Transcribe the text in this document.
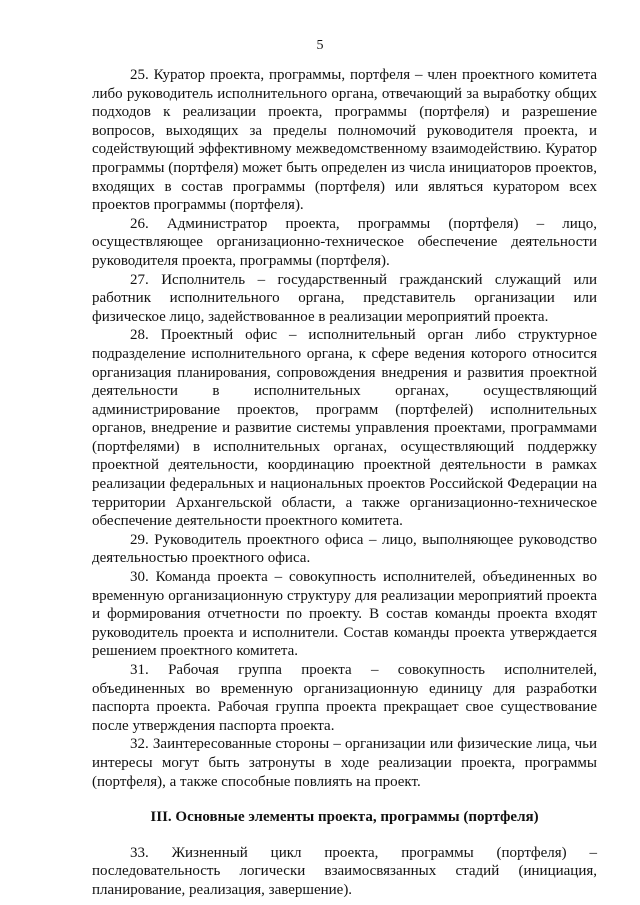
5

25. Куратор проекта, программы, портфеля – член проектного комитета либо руководитель исполнительного органа, отвечающий за выработку общих подходов к реализации проекта, программы (портфеля) и разрешение вопросов, выходящих за пределы полномочий руководителя проекта, и содействующий эффективному межведомственному взаимодействию. Куратор программы (портфеля) может быть определен из числа инициаторов проектов, входящих в состав программы (портфеля) или являться куратором всех проектов программы (портфеля).

26. Администратор проекта, программы (портфеля) – лицо, осуществляющее организационно-техническое обеспечение деятельности руководителя проекта, программы (портфеля).

27. Исполнитель – государственный гражданский служащий или работник исполнительного органа, представитель организации или физическое лицо, задействованное в реализации мероприятий проекта.

28. Проектный офис – исполнительный орган либо структурное подразделение исполнительного органа, к сфере ведения которого относится организация планирования, сопровождения внедрения и развития проектной деятельности в исполнительных органах, осуществляющий администрирование проектов, программ (портфелей) исполнительных органов, внедрение и развитие системы управления проектами, программами (портфелями) в исполнительных органах, осуществляющий поддержку проектной деятельности, координацию проектной деятельности в рамках реализации федеральных и национальных проектов Российской Федерации на территории Архангельской области, а также организационно-техническое обеспечение деятельности проектного комитета.

29. Руководитель проектного офиса – лицо, выполняющее руководство деятельностью проектного офиса.

30. Команда проекта – совокупность исполнителей, объединенных во временную организационную структуру для реализации мероприятий проекта и формирования отчетности по проекту. В состав команды проекта входят руководитель проекта и исполнители. Состав команды проекта утверждается решением проектного комитета.

31. Рабочая группа проекта – совокупность исполнителей, объединенных во временную организационную единицу для разработки паспорта проекта. Рабочая группа проекта прекращает свое существование после утверждения паспорта проекта.

32. Заинтересованные стороны – организации или физические лица, чьи интересы могут быть затронуты в ходе реализации проекта, программы (портфеля), а также способные повлиять на проект.

III. Основные элементы проекта, программы (портфеля)

33. Жизненный цикл проекта, программы (портфеля) – последовательность логически взаимосвязанных стадий (инициация, планирование, реализация, завершение).
